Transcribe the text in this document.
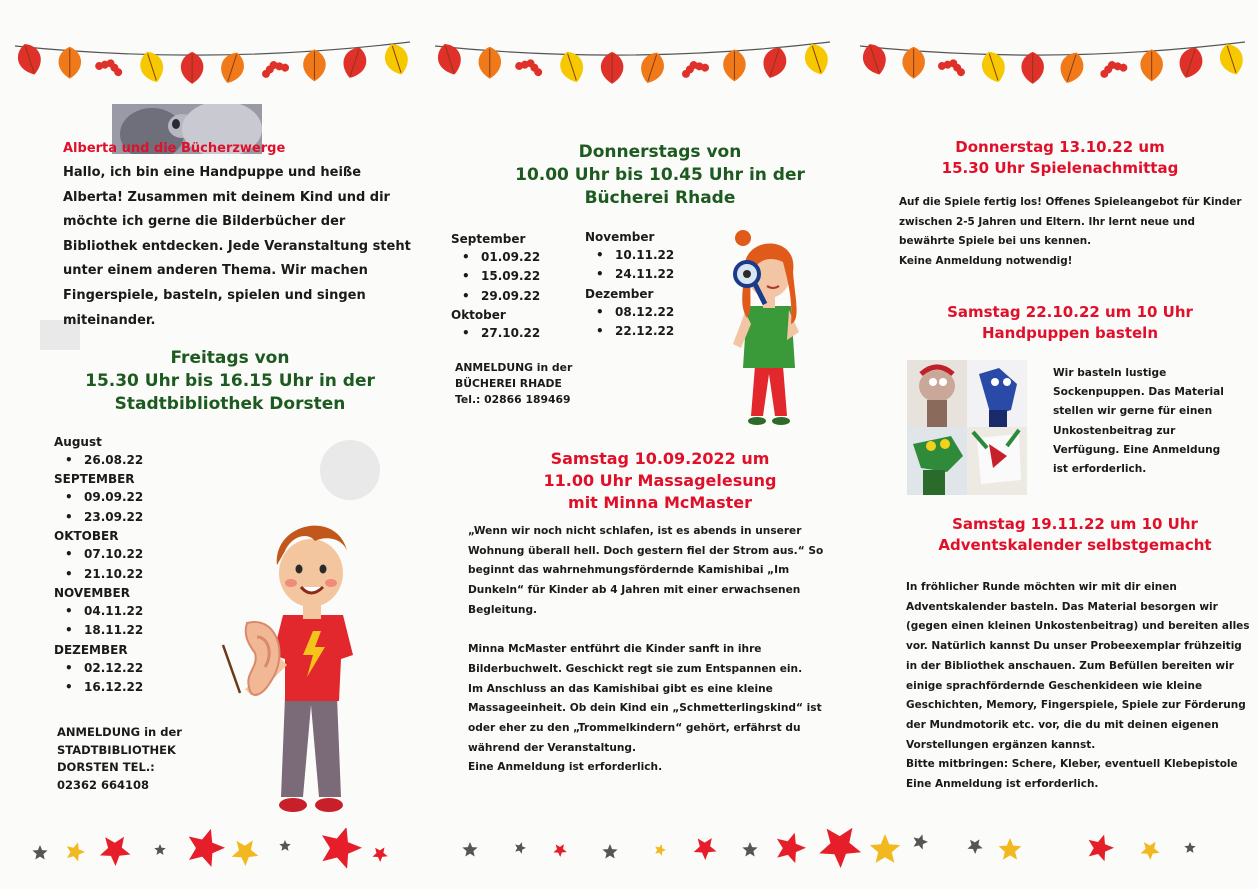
Alberta und die Bücherzwerge
Hallo, ich bin eine Handpuppe und heiße
Alberta! Zusammen mit deinem Kind und dir
möchte ich gerne die Bilderbücher der
Bibliothek entdecken. Jede Veranstaltung steht
unter einem anderen Thema. Wir machen
Fingerspiele, basteln, spielen und singen
miteinander.
Freitags von
15.30 Uhr bis 16.15 Uhr in der
Stadtbibliothek Dorsten
August
• 26.08.22
SEPTEMBER
• 09.09.22
• 23.09.22
OKTOBER
• 07.10.22
• 21.10.22
NOVEMBER
• 04.11.22
• 18.11.22
DEZEMBER
• 02.12.22
• 16.12.22
ANMELDUNG in der
STADTBIBLIOTHEK
DORSTEN TEL.:
02362 664108
Donnerstags von
10.00 Uhr bis 10.45 Uhr in der
Bücherei Rhade
September
• 01.09.22
• 15.09.22
• 29.09.22
Oktober
• 27.10.22
November
• 10.11.22
• 24.11.22
Dezember
• 08.12.22
• 22.12.22
ANMELDUNG in der
BÜCHEREI RHADE
Tel.: 02866 189469
Samstag 10.09.2022 um
11.00 Uhr Massagelesung
mit Minna McMaster
„Wenn wir noch nicht schlafen, ist es abends in unserer
Wohnung überall hell. Doch gestern fiel der Strom aus.“ So
beginnt das wahrnehmungsfördernde Kamishibai „Im
Dunkeln“ für Kinder ab 4 Jahren mit einer erwachsenen
Begleitung.
Minna McMaster entführt die Kinder sanft in ihre
Bilderbuchwelt. Geschickt regt sie zum Entspannen ein.
Im Anschluss an das Kamishibai gibt es eine kleine
Massageeinheit. Ob dein Kind ein „Schmetterlingskind“ ist
oder eher zu den „Trommelkindern“ gehört, erfährst du
während der Veranstaltung.
Eine Anmeldung ist erforderlich.
Donnerstag 13.10.22 um
15.30 Uhr Spielenachmittag
Auf die Spiele fertig los! Offenes Spieleangebot für Kinder
zwischen 2-5 Jahren und Eltern. Ihr lernt neue und
bewährte Spiele bei uns kennen.
Keine Anmeldung notwendig!
Samstag 22.10.22 um 10 Uhr
Handpuppen basteln
Wir basteln lustige
Sockenpuppen. Das Material
stellen wir gerne für einen
Unkostenbeitrag zur
Verfügung. Eine Anmeldung
ist erforderlich.
Samstag 19.11.22 um 10 Uhr
Adventskalender selbstgemacht
In fröhlicher Runde möchten wir mit dir einen
Adventskalender basteln. Das Material besorgen wir
(gegen einen kleinen Unkostenbeitrag) und bereiten alles
vor. Natürlich kannst Du unser Probeexemplar frühzeitig
in der Bibliothek anschauen. Zum Befüllen bereiten wir
einige sprachfördernde Geschenkideen wie kleine
Geschichten, Memory, Fingerspiele, Spiele zur Förderung
der Mundmotorik etc. vor, die du mit deinen eigenen
Vorstellungen ergänzen kannst.
Bitte mitbringen: Schere, Kleber, eventuell Klebepistole
Eine Anmeldung ist erforderlich.
